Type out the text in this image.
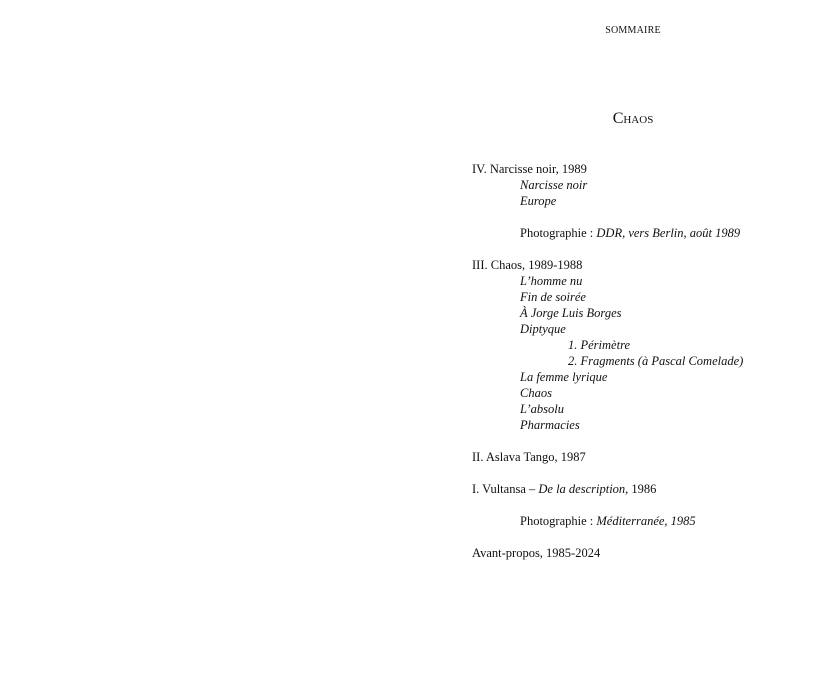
SOMMAIRE
Chaos
IV. Narcisse noir, 1989
Narcisse noir
Europe
Photographie : DDR, vers Berlin, août 1989
III. Chaos, 1989-1988
L’homme nu
Fin de soirée
À Jorge Luis Borges
Diptyque
1. Périmètre
2. Fragments (à Pascal Comelade)
La femme lyrique
Chaos
L’absolu
Pharmacies
II. Aslava Tango, 1987
I. Vultansa – De la description, 1986
Photographie : Méditerranée, 1985
Avant-propos, 1985-2024
